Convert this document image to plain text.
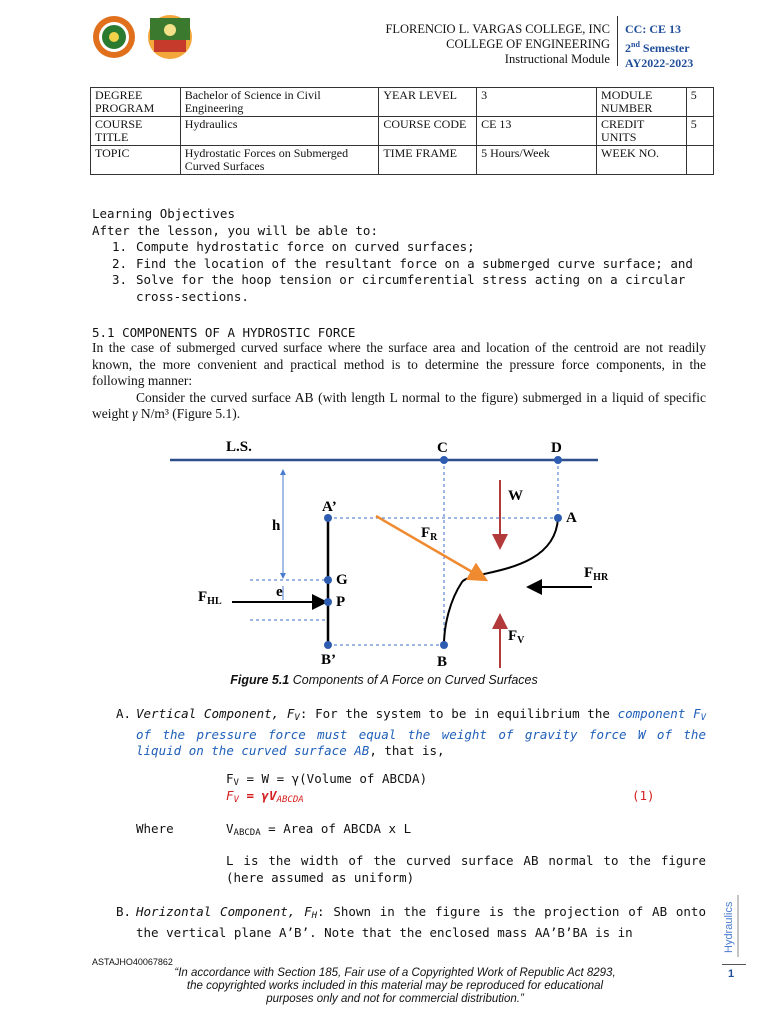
FLORENCIO L. VARGAS COLLEGE, INC
COLLEGE OF ENGINEERING
Instructional Module
CC: CE 13
2nd Semester
AY2022-2023
DEGREE PROGRAM	Bachelor of Science in Civil Engineering	YEAR LEVEL	3	MODULE NUMBER	5
COURSE TITLE	Hydraulics	COURSE CODE	CE 13	CREDIT UNITS	5
TOPIC	Hydrostatic Forces on Submerged Curved Surfaces	TIME FRAME	5 Hours/Week	WEEK NO.	
Learning Objectives
After the lesson, you will be able to:
1. Compute hydrostatic force on curved surfaces;
2. Find the location of the resultant force on a submerged curve surface; and
3. Solve for the hoop tension or circumferential stress acting on a circular cross-sections.
5.1 COMPONENTS OF A HYDROSTIC FORCE
In the case of submerged curved surface where the surface area and location of the centroid are not readily known, the more convenient and practical method is to determine the pressure force components, in the following manner:
Consider the curved surface AB (with length L normal to the figure) submerged in a liquid of specific weight γ N/m³ (Figure 5.1).
L.S.	C	D
W
A’
A
h	$F_R$
G	$F_{HR}$
e
$F_{HL}$	P
$F_V$
B’	B
Figure 5.1 Components of A Force on Curved Surfaces
A. Vertical Component, FV: For the system to be in equilibrium the component FV of the pressure force must equal the weight of gravity force W of the liquid on the curved surface AB, that is,
FV = W = γ(Volume of ABCDA)
FV = γVABCDA	(1)
Where	VABCDA = Area of ABCDA x L
L is the width of the curved surface AB normal to the figure (here assumed as uniform)
B. Horizontal Component, FH: Shown in the figure is the projection of AB onto the vertical plane A’B’. Note that the enclosed mass AA’B’BA is in	Hydraulics
1
ASTAJHO40067862
“In accordance with Section 185, Fair use of a Copyrighted Work of Republic Act 8293, the copyrighted works included in this material may be reproduced for educational purposes only and not for commercial distribution.”
